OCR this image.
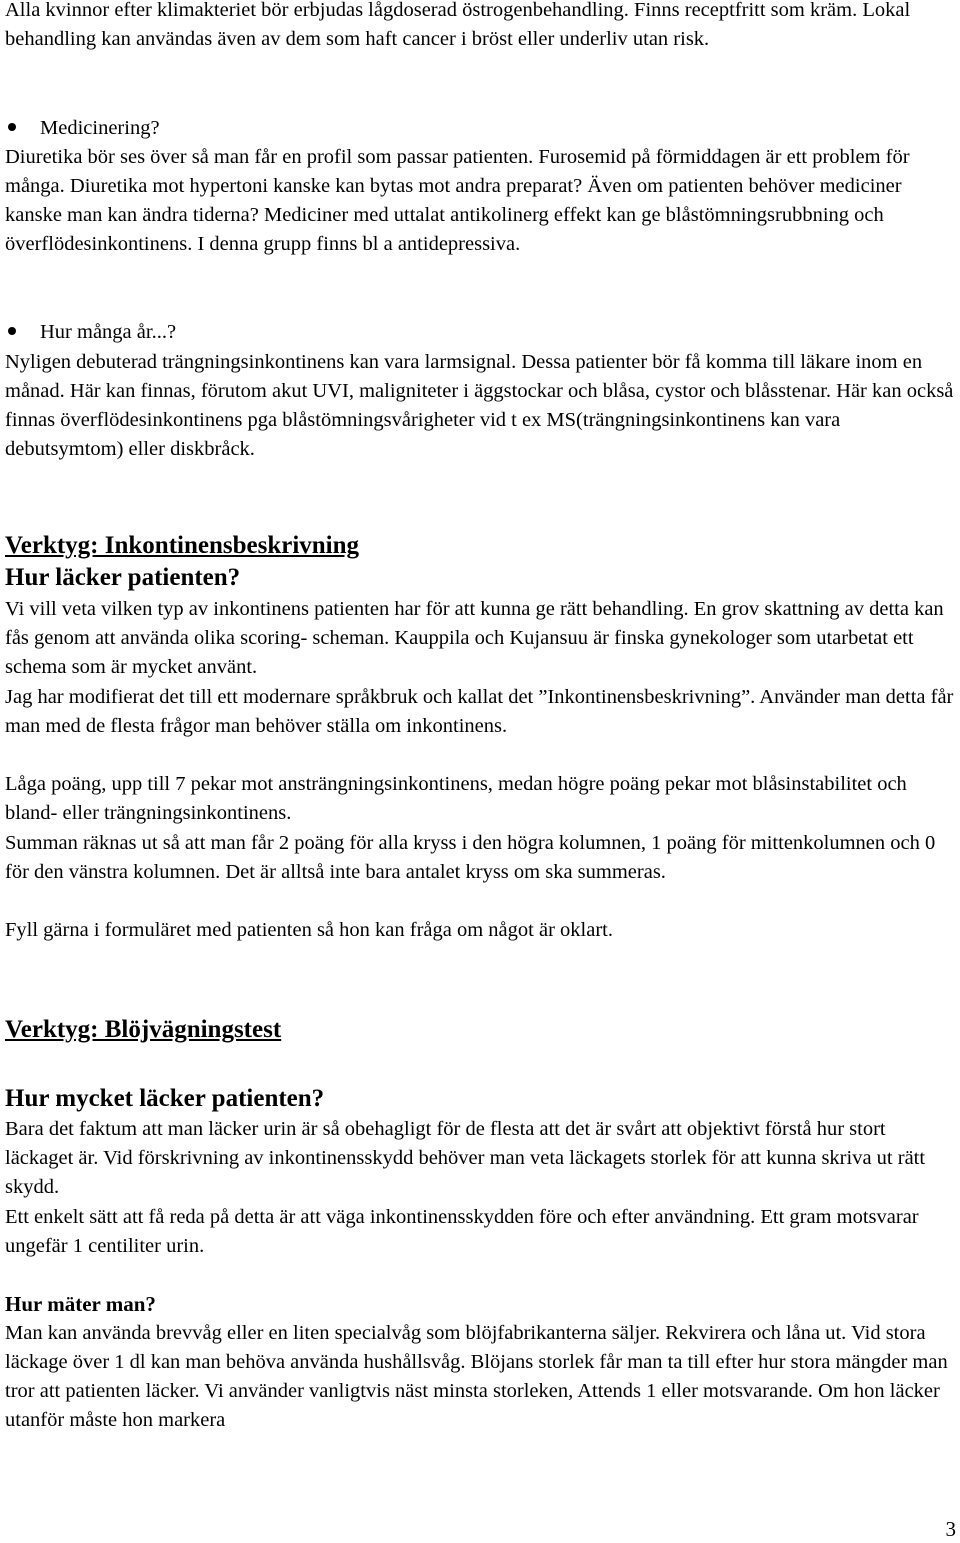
Alla kvinnor efter klimakteriet bör erbjudas lågdoserad östrogenbehandling. Finns receptfritt som kräm. Lokal behandling kan användas även av dem som haft cancer i bröst eller underliv utan risk.

Medicinering?

Diuretika bör ses över så man får en profil som passar patienten. Furosemid på förmiddagen är ett problem för många. Diuretika mot hypertoni kanske kan bytas mot andra preparat? Även om patienten behöver mediciner kanske man kan ändra tiderna? Mediciner med uttalat antikolinerg effekt kan ge blåstömningsrubbning och överflödesinkontinens. I denna grupp finns bl a antidepressiva.

Hur många år...?

Nyligen debuterad trängningsinkontinens kan vara larmsignal. Dessa patienter bör få komma till läkare inom en månad. Här kan finnas, förutom akut UVI, maligniteter i äggstockar och blåsa, cystor och blåsstenar. Här kan också finnas överflödesinkontinens pga blåstömningsvårigheter vid t ex MS(trängningsinkontinens kan vara debutsymtom) eller diskbråck.

Verktyg: Inkontinensbeskrivning
Hur läcker patienten?

Vi vill veta vilken typ av inkontinens patienten har för att kunna ge rätt behandling. En grov skattning av detta kan fås genom att använda olika scoring- scheman. Kauppila och Kujansuu är finska gynekologer som utarbetat ett schema som är mycket använt.

Jag har modifierat det till ett modernare språkbruk och kallat det ”Inkontinensbeskrivning”. Använder man detta får man med de flesta frågor man behöver ställa om inkontinens.

Låga poäng, upp till 7 pekar mot ansträngningsinkontinens, medan högre poäng pekar mot blåsinstabilitet och bland- eller trängningsinkontinens.

Summan räknas ut så att man får 2 poäng för alla kryss i den högra kolumnen, 1 poäng för mittenkolumnen och 0 för den vänstra kolumnen. Det är alltså inte bara antalet kryss om ska summeras.

Fyll gärna i formuläret med patienten så hon kan fråga om något är oklart.

Verktyg: Blöjvägningstest
Hur mycket läcker patienten?

Bara det faktum att man läcker urin är så obehagligt för de flesta att det är svårt att objektivt förstå hur stort läckaget är. Vid förskrivning av inkontinensskydd behöver man veta läckagets storlek för att kunna skriva ut rätt skydd.

Ett enkelt sätt att få reda på detta är att väga inkontinensskydden före och efter användning. Ett gram motsvarar ungefär 1 centiliter urin.

Hur mäter man?

Man kan använda brevvåg eller en liten specialvåg som blöjfabrikanterna säljer. Rekvirera och låna ut. Vid stora läckage över 1 dl kan man behöva använda hushållsvåg. Blöjans storlek får man ta till efter hur stora mängder man tror att patienten läcker. Vi använder vanligtvis näst minsta storleken, Attends 1 eller motsvarande. Om hon läcker utanför måste hon markera

3
